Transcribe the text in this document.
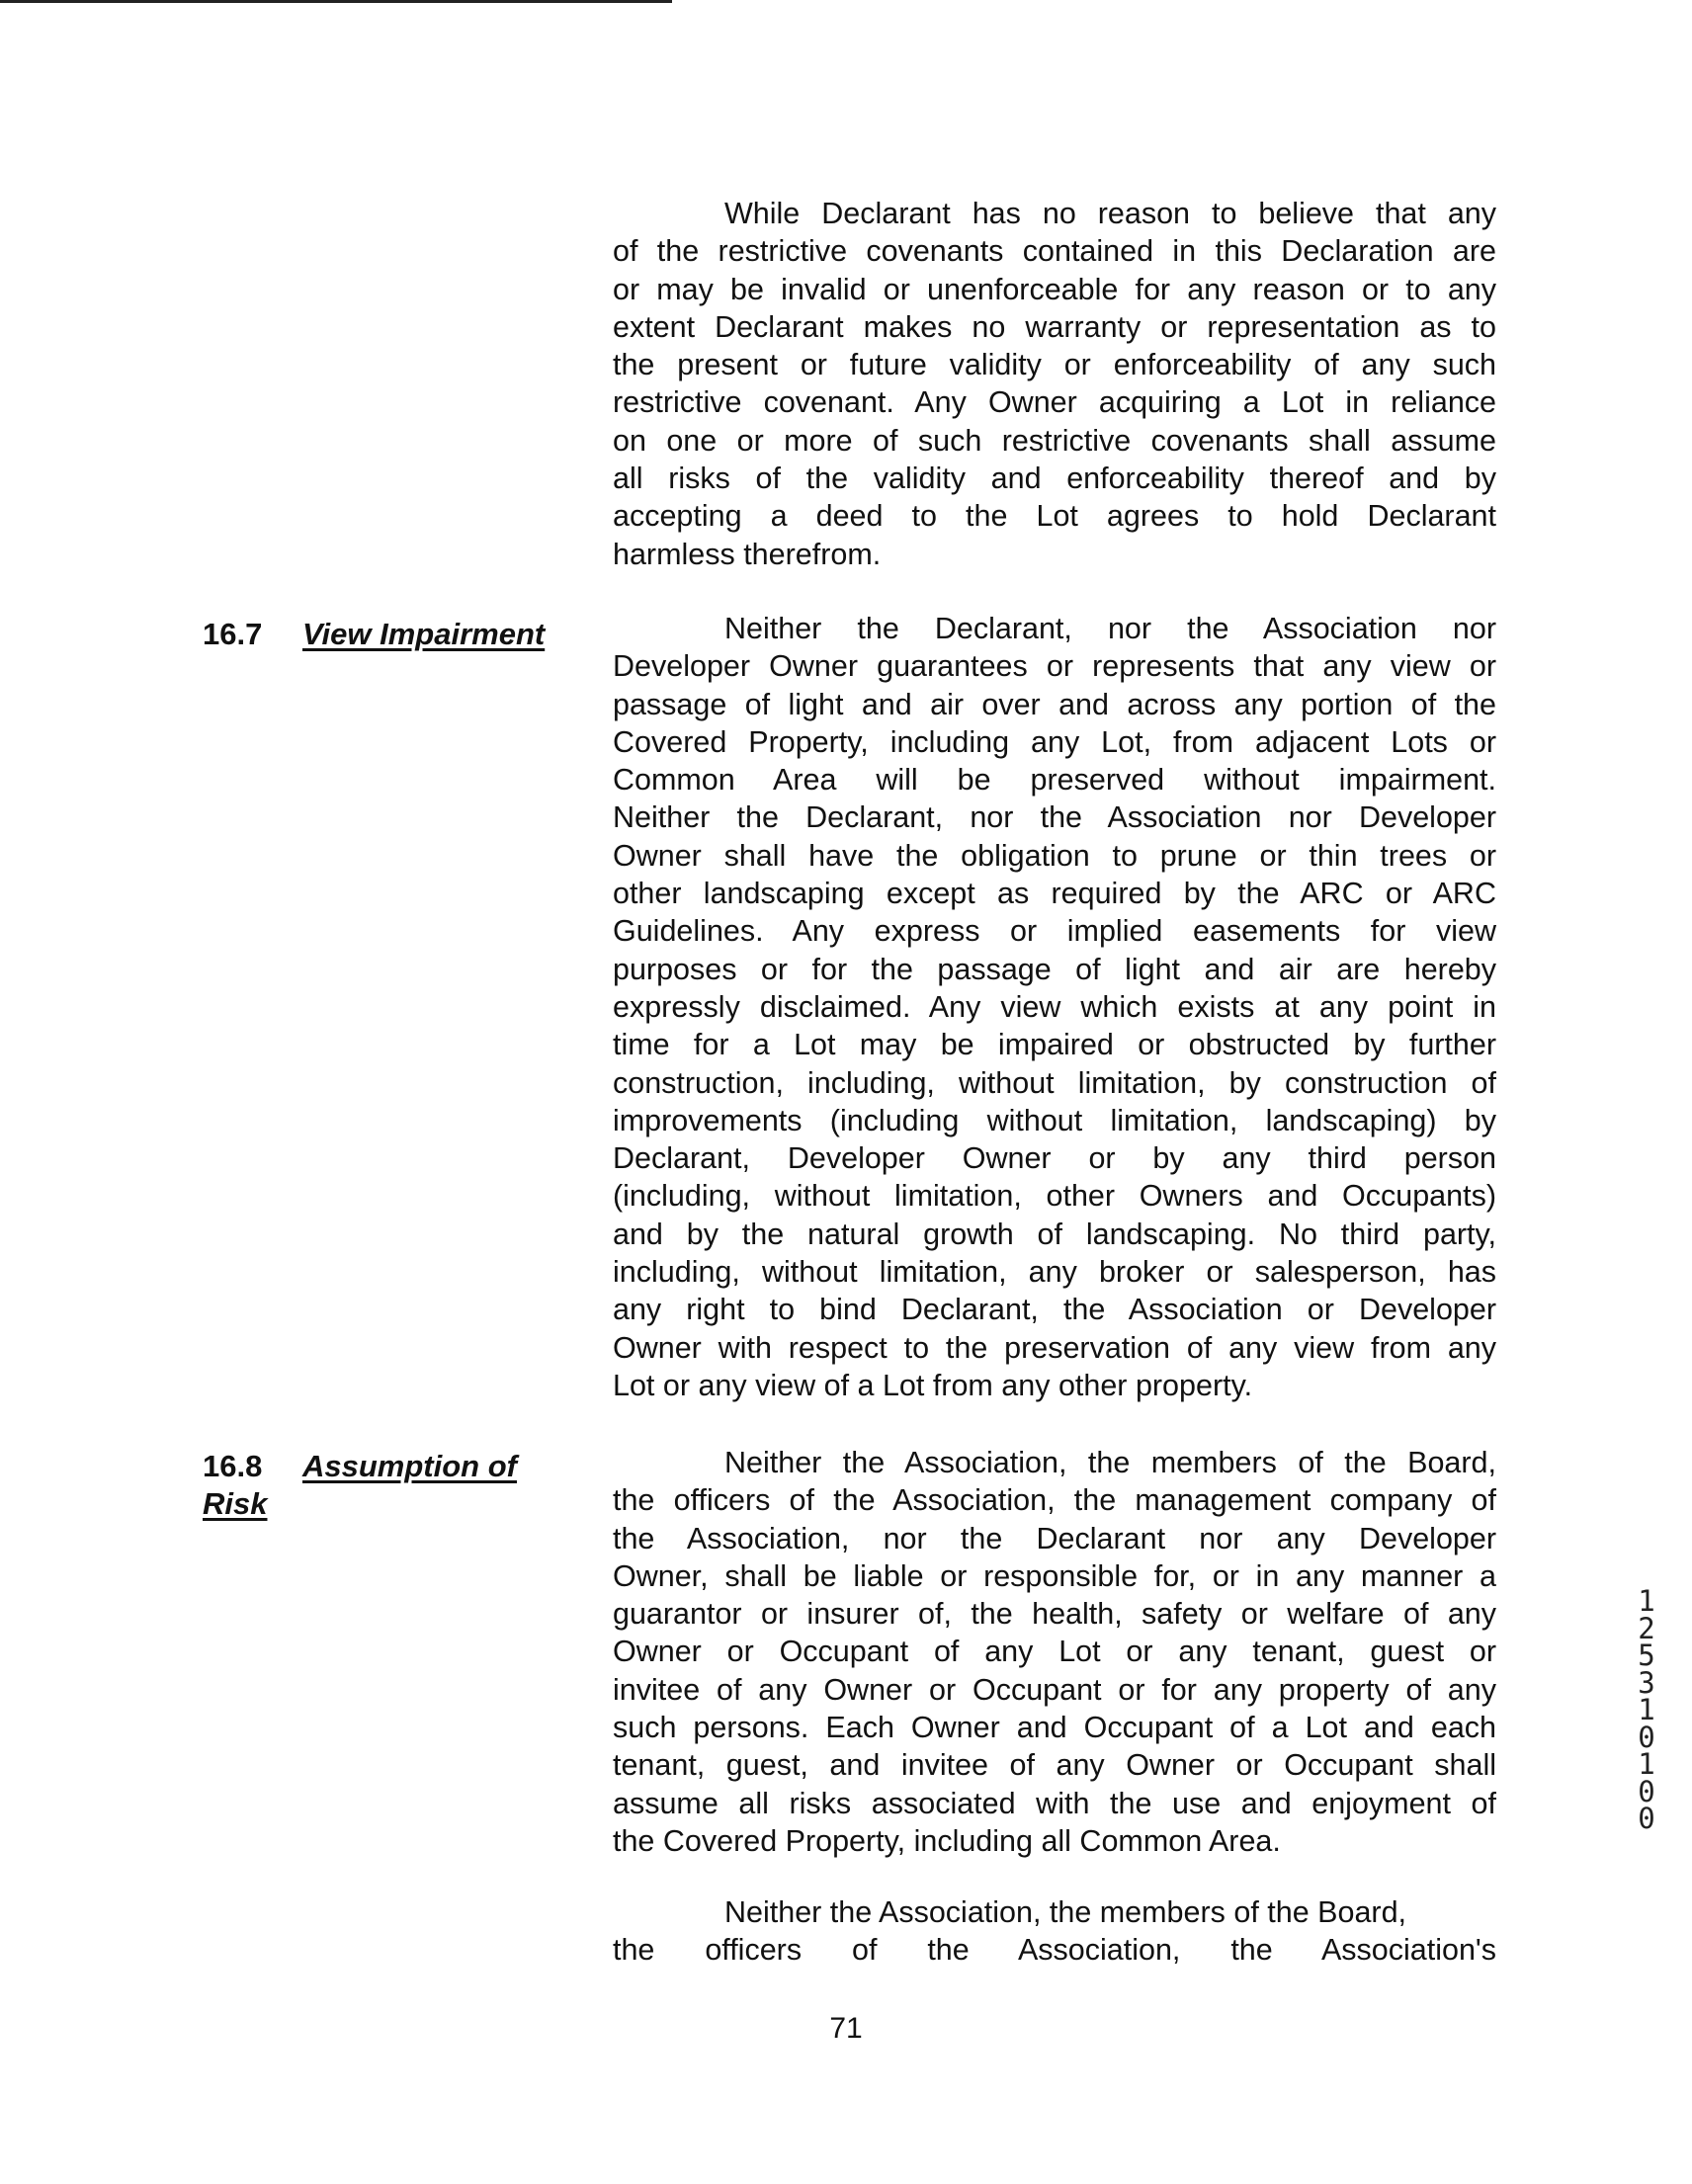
While Declarant has no reason to believe that any
of the restrictive covenants contained in this Declaration are
or may be invalid or unenforceable for any reason or to any
extent Declarant makes no warranty or representation as to
the present or future validity or enforceability of any such
restrictive covenant. Any Owner acquiring a Lot in reliance
on one or more of such restrictive covenants shall assume
all risks of the validity and enforceability thereof and by
accepting a deed to the Lot agrees to hold Declarant
harmless therefrom.
16.7 View Impairment	Neither the Declarant, nor the Association nor
Developer Owner guarantees or represents that any view or
passage of light and air over and across any portion of the
Covered Property, including any Lot, from adjacent Lots or
Common Area will be preserved without impairment.
Neither the Declarant, nor the Association nor Developer
Owner shall have the obligation to prune or thin trees or
other landscaping except as required by the ARC or ARC
Guidelines. Any express or implied easements for view
purposes or for the passage of light and air are hereby
expressly disclaimed. Any view which exists at any point in
time for a Lot may be impaired or obstructed by further
construction, including, without limitation, by construction of
improvements (including without limitation, landscaping) by
Declarant, Developer Owner or by any third person
(including, without limitation, other Owners and Occupants)
and by the natural growth of landscaping. No third party,
including, without limitation, any broker or salesperson, has
any right to bind Declarant, the Association or Developer
Owner with respect to the preservation of any view from any
Lot or any view of a Lot from any other property.
16.8 Assumption of
Risk
Neither the Association, the members of the Board,
the officers of the Association, the management company of
the Association, nor the Declarant nor any Developer
Owner, shall be liable or responsible for, or in any manner a
guarantor or insurer of, the health, safety or welfare of any
Owner or Occupant of any Lot or any tenant, guest or
invitee of any Owner or Occupant or for any property of any
such persons. Each Owner and Occupant of a Lot and each
tenant, guest, and invitee of any Owner or Occupant shall
assume all risks associated with the use and enjoyment of
the Covered Property, including all Common Area.
Neither the Association, the members of the Board,
the officers of the Association, the Association's
71
1
2
5
3
1
0
1
0
0
